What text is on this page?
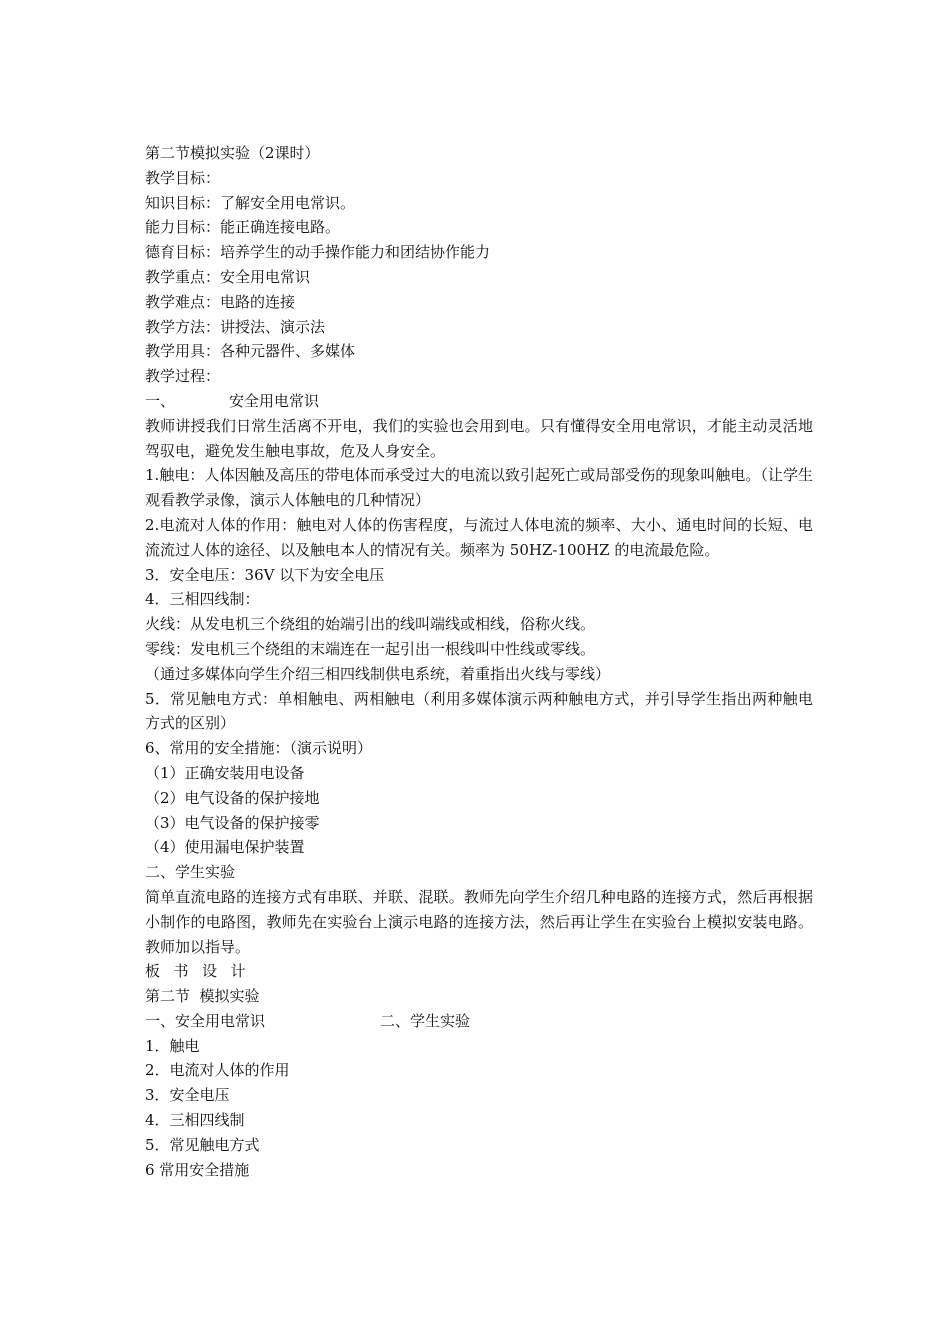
第二节模拟实验（2课时）

教学目标：

知识目标：了解安全用电常识。

能力目标：能正确连接电路。

德育目标：培养学生的动手操作能力和团结协作能力

教学重点：安全用电常识

教学难点：电路的连接

教学方法：讲授法、演示法

教学用具：各种元器件、多媒体

教学过程：

一、	安全用电常识

教师讲授我们日常生活离不开电，我们的实验也会用到电。只有懂得安全用电常识，才能主动灵活地驾驭电，避免发生触电事故，危及人身安全。

1.触电：人体因触及高压的带电体而承受过大的电流以致引起死亡或局部受伤的现象叫触电。（让学生观看教学录像，演示人体触电的几种情况）

2.电流对人体的作用：触电对人体的伤害程度，与流过人体电流的频率、大小、通电时间的长短、电流流过人体的途径、以及触电本人的情况有关。频率为 50HZ-100HZ 的电流最危险。

3．安全电压：36V 以下为安全电压

4．三相四线制：

火线：从发电机三个绕组的始端引出的线叫端线或相线，俗称火线。

零线：发电机三个绕组的末端连在一起引出一根线叫中性线或零线。

（通过多媒体向学生介绍三相四线制供电系统，着重指出火线与零线）

5．常见触电方式：单相触电、两相触电（利用多媒体演示两种触电方式，并引导学生指出两种触电方式的区别）

6、常用的安全措施：（演示说明）

（1）正确安装用电设备

（2）电气设备的保护接地

（3）电气设备的保护接零

（4）使用漏电保护装置

二、学生实验

简单直流电路的连接方式有串联、并联、混联。教师先向学生介绍几种电路的连接方式，然后再根据小制作的电路图，教师先在实验台上演示电路的连接方法，然后再让学生在实验台上模拟安装电路。教师加以指导。

板书设计

第二节  模拟实验

一、安全用电常识	二、学生实验

1．触电

2．电流对人体的作用

3．安全电压

4．三相四线制

5．常见触电方式

6 常用安全措施
